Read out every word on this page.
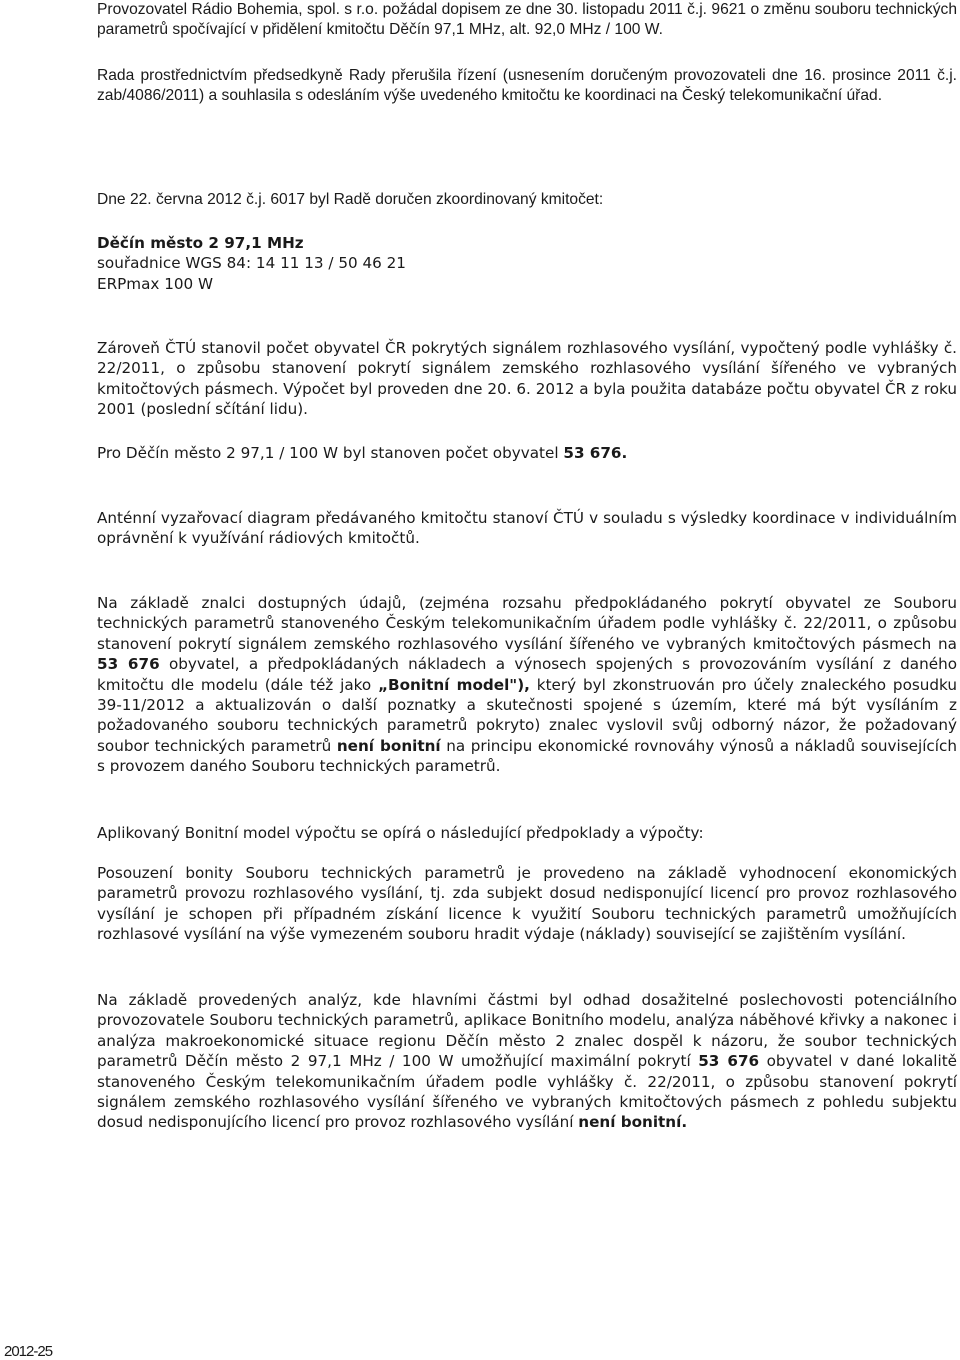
Provozovatel Rádio Bohemia, spol. s r.o. požádal dopisem ze dne 30. listopadu 2011 č.j. 9621 o změnu souboru technických parametrů spočívající v přidělení kmitočtu Děčín 97,1 MHz, alt. 92,0 MHz / 100 W.

Rada prostřednictvím předsedkyně Rady přerušila řízení (usnesením doručeným provozovateli dne 16. prosince 2011 č.j. zab/4086/2011) a souhlasila s odesláním výše uvedeného kmitočtu ke koordinaci na Český telekomunikační úřad.

Dne 22. června 2012 č.j. 6017 byl Radě doručen zkoordinovaný kmitočet:

Děčín město 2 97,1 MHz

souřadnice WGS 84: 14 11 13 / 50 46 21

ERPmax 100 W

Zároveň ČTÚ stanovil počet obyvatel ČR pokrytých signálem rozhlasového vysílání, vypočtený podle vyhlášky č. 22/2011, o způsobu stanovení pokrytí signálem zemského rozhlasového vysílání šířeného ve vybraných kmitočtových pásmech. Výpočet byl proveden dne 20. 6. 2012 a byla použita databáze počtu obyvatel ČR z roku 2001 (poslední sčítání lidu).

Pro Děčín město 2 97,1 / 100 W byl stanoven počet obyvatel 53 676.

Anténní vyzařovací diagram předávaného kmitočtu stanoví ČTÚ v souladu s výsledky koordinace v individuálním oprávnění k využívání rádiových kmitočtů.

Na základě znalci dostupných údajů, (zejména rozsahu předpokládaného pokrytí obyvatel ze Souboru technických parametrů stanoveného Českým telekomunikačním úřadem podle vyhlášky č. 22/2011, o způsobu stanovení pokrytí signálem zemského rozhlasového vysílání šířeného ve vybraných kmitočtových pásmech na 53 676 obyvatel, a předpokládaných nákladech a výnosech spojených s provozováním vysílání z daného kmitočtu dle modelu (dále též jako „Bonitní model"), který byl zkonstruován pro účely znaleckého posudku 39-11/2012 a aktualizován o další poznatky a skutečnosti spojené s územím, které má být vysíláním z požadovaného souboru technických parametrů pokryto) znalec vyslovil svůj odborný názor, že požadovaný soubor technických parametrů není bonitní na principu ekonomické rovnováhy výnosů a nákladů souvisejících s provozem daného Souboru technických parametrů.

Aplikovaný Bonitní model výpočtu se opírá o následující předpoklady a výpočty:

Posouzení bonity Souboru technických parametrů je provedeno na základě vyhodnocení ekonomických parametrů provozu rozhlasového vysílání, tj. zda subjekt dosud nedisponující licencí pro provoz rozhlasového vysílání je schopen při případném získání licence k využití Souboru technických parametrů umožňujících rozhlasové vysílání na výše vymezeném souboru hradit výdaje (náklady) související se zajištěním vysílání.

Na základě provedených analýz, kde hlavními částmi byl odhad dosažitelné poslechovosti potenciálního provozovatele Souboru technických parametrů, aplikace Bonitního modelu, analýza náběhové křivky a nakonec i analýza makroekonomické situace regionu Děčín město 2 znalec dospěl k názoru, že soubor technických parametrů Děčín město 2 97,1 MHz / 100 W umožňující maximální pokrytí 53 676 obyvatel v dané lokalitě stanoveného Českým telekomunikačním úřadem podle vyhlášky č. 22/2011, o způsobu stanovení pokrytí signálem zemského rozhlasového vysílání šířeného ve vybraných kmitočtových pásmech z pohledu subjektu dosud nedisponujícího licencí pro provoz rozhlasového vysílání není bonitní.

2012-25
